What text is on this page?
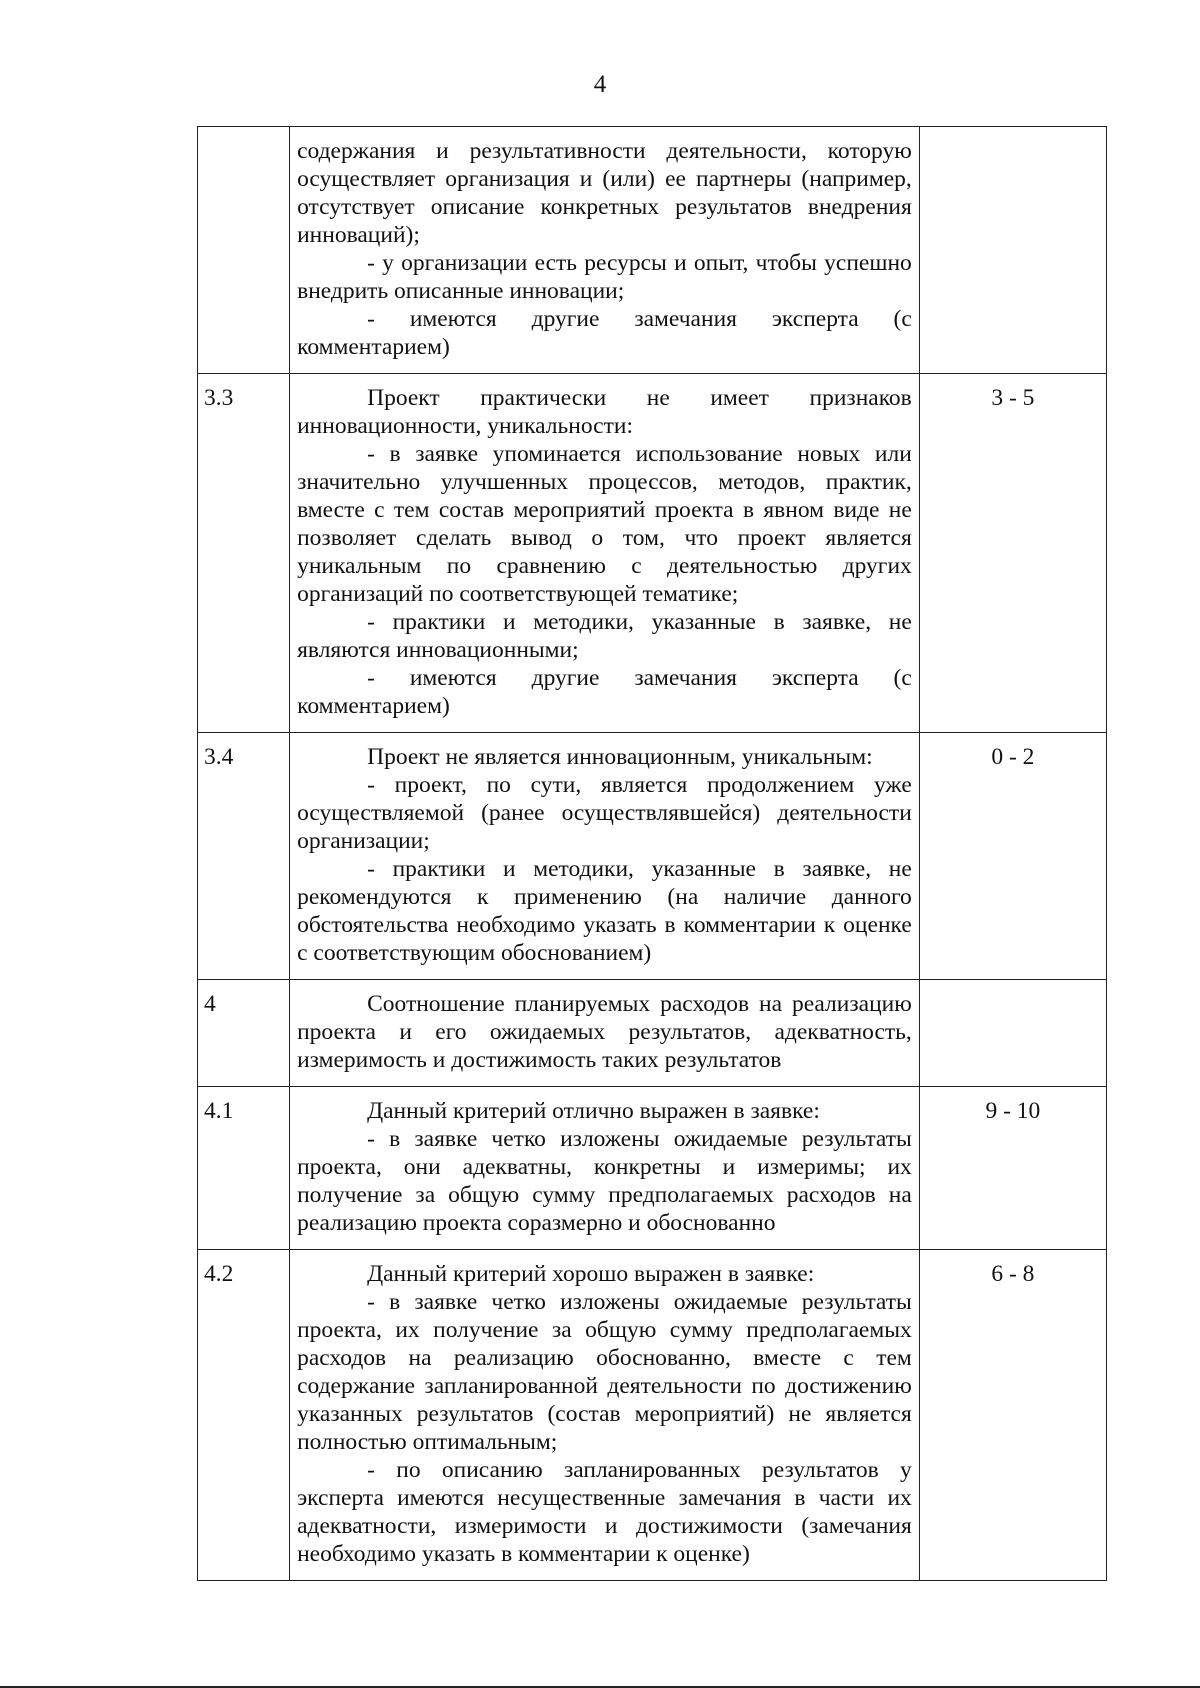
4

	содержания и результативности деятельности, которую осуществляет организация и (или) ее партнеры (например, отсутствует описание конкретных результатов внедрения инноваций);

- у организации есть ресурсы и опыт, чтобы успешно внедрить описанные инновации;

- имеются другие замечания эксперта (с комментарием)	

3.3	Проект практически не имеет признаков инновационности, уникальности:

- в заявке упоминается использование новых или значительно улучшенных процессов, методов, практик, вместе с тем состав мероприятий проекта в явном виде не позволяет сделать вывод о том, что проект является уникальным по сравнению с деятельностью других организаций по соответствующей тематике;

- практики и методики, указанные в заявке, не являются инновационными;

- имеются другие замечания эксперта (с комментарием)	3 - 5
3.4	Проект не является инновационным, уникальным:

- проект, по сути, является продолжением уже осуществляемой (ранее осуществлявшейся) деятельности организации;

- практики и методики, указанные в заявке, не рекомендуются к применению (на наличие данного обстоятельства необходимо указать в комментарии к оценке с соответствующим обоснованием)	0 - 2
4	Соотношение планируемых расходов на реализацию проекта и его ожидаемых результатов, адекватность, измеримость и достижимость таких результатов	

4.1	Данный критерий отлично выражен в заявке:

- в заявке четко изложены ожидаемые результаты проекта, они адекватны, конкретны и измеримы; их получение за общую сумму предполагаемых расходов на реализацию проекта соразмерно и обоснованно	9 - 10
4.2	Данный критерий хорошо выражен в заявке:

- в заявке четко изложены ожидаемые результаты проекта, их получение за общую сумму предполагаемых расходов на реализацию обоснованно, вместе с тем содержание запланированной деятельности по достижению указанных результатов (состав мероприятий) не является полностью оптимальным;

- по описанию запланированных результатов у эксперта имеются несущественные замечания в части их адекватности, измеримости и достижимости (замечания необходимо указать в комментарии к оценке)	6 - 8
